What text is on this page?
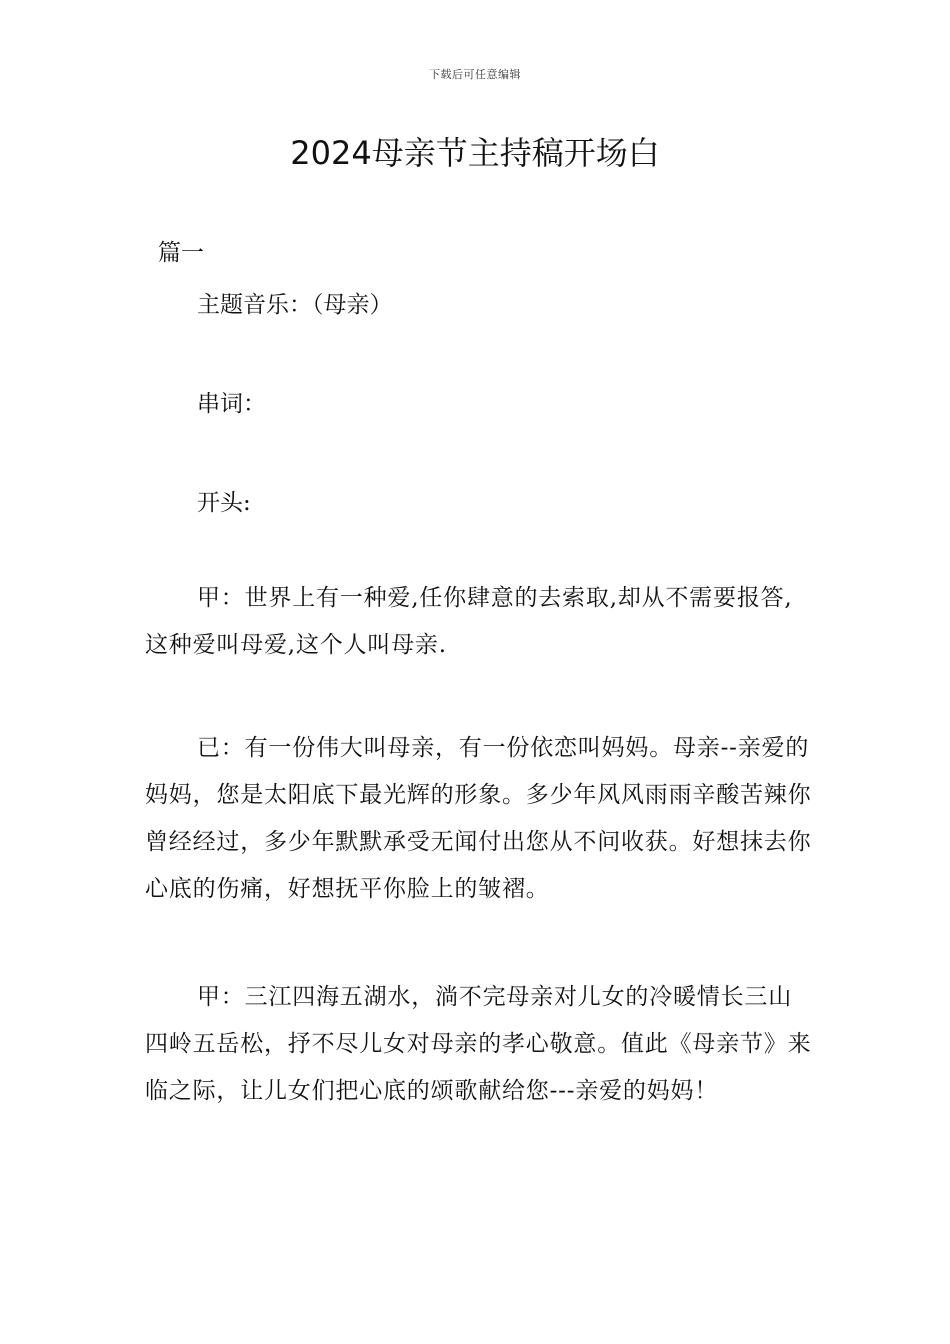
下载后可任意编辑
2024母亲节主持稿开场白
篇一
主题音乐：（母亲）
串词：
开头:

甲：世界上有一种爱,任你肆意的去索取,却从不需要报答,这种爱叫母爱,这个人叫母亲.

已：有一份伟大叫母亲，有一份依恋叫妈妈。母亲--亲爱的妈妈，您是太阳底下最光辉的形象。多少年风风雨雨辛酸苦辣你曾经经过，多少年默默承受无闻付出您从不问收获。好想抹去你心底的伤痛，好想抚平你脸上的皱褶。

甲：三江四海五湖水，淌不完母亲对儿女的冷暖情长三山四岭五岳松，抒不尽儿女对母亲的孝心敬意。值此《母亲节》来临之际，让儿女们把心底的颂歌献给您---亲爱的妈妈！
